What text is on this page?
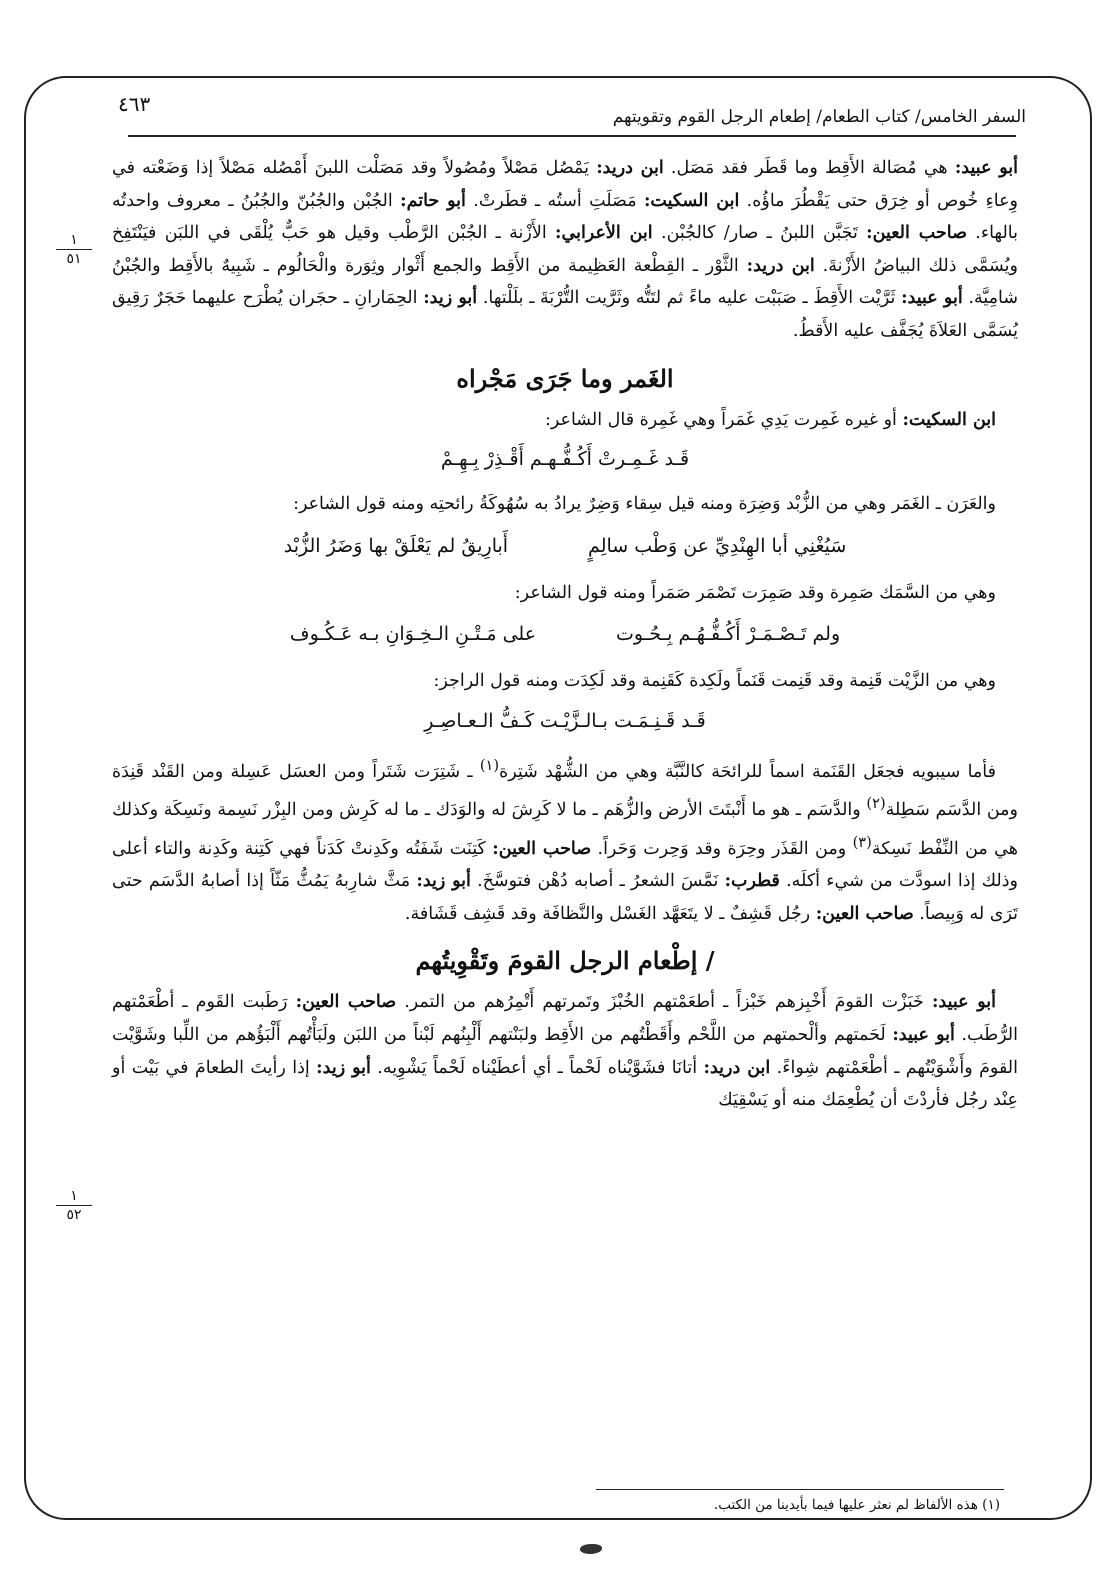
٤٦٣
السفر الخامس/ كتاب الطعام/ إطعام الرجل القوم وتقويتهم
١
٥١
١
٥٢

أبو عبيد: هي مُصَالة الأَقِط وما قَطَر فقد مَصَل. ابن دريد: يَمْصُل مَصْلاً ومُصُولاً وقد مَصَلْت اللبنَ أَمْصُله مَصْلاً إذا وَضَعْته في وِعاءِ خُوص أو خِرَق حتى يَقْطُرَ ماؤُه. ابن السكيت: مَصَلَتِ أستُه ـ قطَرتْ. أبو حاتم: الجُبْن والجُبُنّ والجُبُنُ ـ معروف واحدتُه بالهاء. صاحب العين: تَجَبَّن اللبنُ ـ صار/ كالجُبْن. ابن الأعرابي: الأَزْنة ـ الجُبْن الرَّطْب وقيل هو حَبٌّ يُلْقَى في اللبَن فيَنْتَفِخ ويُسَمَّى ذلك البياضُ الأَزْنةَ. ابن دريد: الثَّوْر ـ القِطْعة العَظِيمة من الأَقِط والجمع أَثْوار وثِوَرة والْحَالُوم ـ شَبِيهٌ بالأَقِط والجُبْنُ شامِيَّة. أبو عبيد: ثَرَّيْت الأَقِطَ ـ صَبَبْت عليه ماءً ثم لتَتُّه وثَرَّيت التُّرْبَةَ ـ بلَلْتها. أبو زيد: الحِمَارانِ ـ حجَران يُطْرَح عليهما حَجَرٌ رَقِيق يُسَمَّى العَلاَةَ يُجَفَّف عليه الأَقطُ.

الغَمر وما جَرَى مَجْراه

ابن السكيت: أو غيره غَمِرت يَدِي غَمَراً وهي غَمِرة قال الشاعر:

قَـد غَـمِـرتْ أَكُـفُّـهـم أَقْـذِرْ بِـهِـمْ

والعَرَن ـ الغَمَر وهي من الزُّبْد وَضِرَة ومنه قيل سِقاء وَضِرٌ يرادُ به سُهُوكَةُ رائحتِه ومنه قول الشاعر:

سَيُغْنِي أبا الهِنْدِيِّ عن وَطْب سالِمٍ
أَبارِيقُ لم يَعْلَقْ بها وَضَرُ الزُّبْد

وهي من السَّمَك صَمِرة وقد صَمِرَت تَصْمَر صَمَراً ومنه قول الشاعر:

ولم تَـصْـمَـرْ أَكُـفُّـهُـم بِـحُـوت
على مَـتْـنِ الـخِـوَانِ بـه عَـكُـوف

وهي من الزَّيْت قَنِمة وقد قَنِمت قَنَماً ولَكِدة كَقَنِمة وقد لَكِدَت ومنه قول الراجز:

قَـد قَـنِـمَـت بـالـزَّيْـت كَـفُّ الـعـاصِـرِ

فأما سيبويه فجعَل القَنَمة اسماً للرائحَة كالنَّبَّة وهي من الشُّهْد شَتِرة$^{(١)}$ ـ شَتِرَت شَتَراً ومن العسَل عَسِلة ومن القَنْد قَنِدَة ومن الدَّسَم سَطِلة$^{(٢)}$ والدَّسَم ـ هو ما أَنْبتَتَ الأرض والزُّهَم ـ ما لا كَرِشَ له والوَدَك ـ ما له كَرِش ومن البِزْر نَسِمة ونَسِكَة وكذلك هي من النِّفْط نَسِكة$^{(٣)}$ ومن القَذَر وحِرَة وقد وَحِرت وَحَراً. صاحب العين: كَتِنَت شَفَتُه وكَدِنتْ كَدَناً فهي كَتِنة وكَدِنة والتاء أعلى وذلك إذا اسودَّت من شيء أكلَه. قطرب: نَمَّسَ الشعرُ ـ أصابه دُهْن فتوسَّخَ. أبو زيد: مَثَّ شارِبهُ يَمُثُّ مَثّاً إذا أصابهُ الدَّسَم حتى تَرَى له وَبِيصاً. صاحب العين: رجُل قَشِفٌ ـ لا يتَعَهَّد الغَسْل والنَّظافَة وقد قَشِف قَشَافة.

/ إطْعام الرجل القومَ وتَقْوِيتُهم

أبو عبيد: خَبَزْت القومَ أَخْبِزهم خَبْزاً ـ أطعَمْتهم الخُبْزَ وتَمرتهم أَتْمِرُهم من التمر. صاحب العين: رَطَبت القَوم ـ أطْعَمْتهم الرُّطَب. أبو عبيد: لَحَمتهم وألْحمتهم من اللَّحْم وأَقَطْتُهم من الأَقِط ولبَنْتهم أَلْبِنُهم لَبْناً من اللبَن ولَبَأْتُهم أَلْبَؤُهم من اللِّبا وشَوَّيْت القومَ وأَشْوَيْتُهم ـ أطْعَمْتهم شِواءً. ابن دريد: أتانَا فشَوَّيْناه لَحْماً ـ أي أعطَيْناه لَحْماً يَشْوِيه. أبو زيد: إذا رأيتَ الطعامَ في بَيْت أو عِنْد رجُل فأردْتَ أن يُطْعِمَك منه أو يَسْقِيَك

(١) هذه الألفاظ لم نعثر عليها فيما بأيدينا من الكتب.
